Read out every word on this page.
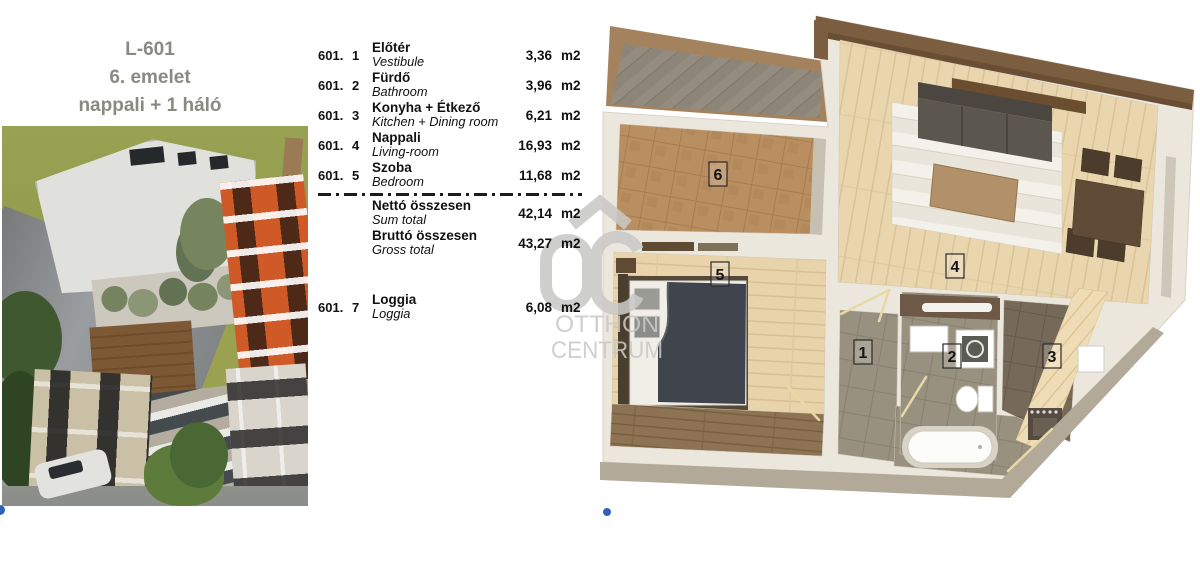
L-601
6. emelet
nappali + 1 háló
601. 1 Előtér
Vestibule	3,36 m2
601. 2 Fürdő
Bathroom	3,96 m2
601. 3 Konyha + Étkező
Kitchen + Dining room	6,21 m2
601. 4 Nappali
Living-room	16,93 m2
601. 5 Szoba
Bedroom	11,68 m2
Nettó összesen
Sum total	42,14 m2
Bruttó összesen
Gross total	43,27 m2
601. 7 Loggia
Loggia	6,08 m2
6
5	4
1	2	3
OTTHON
CENTRUM
